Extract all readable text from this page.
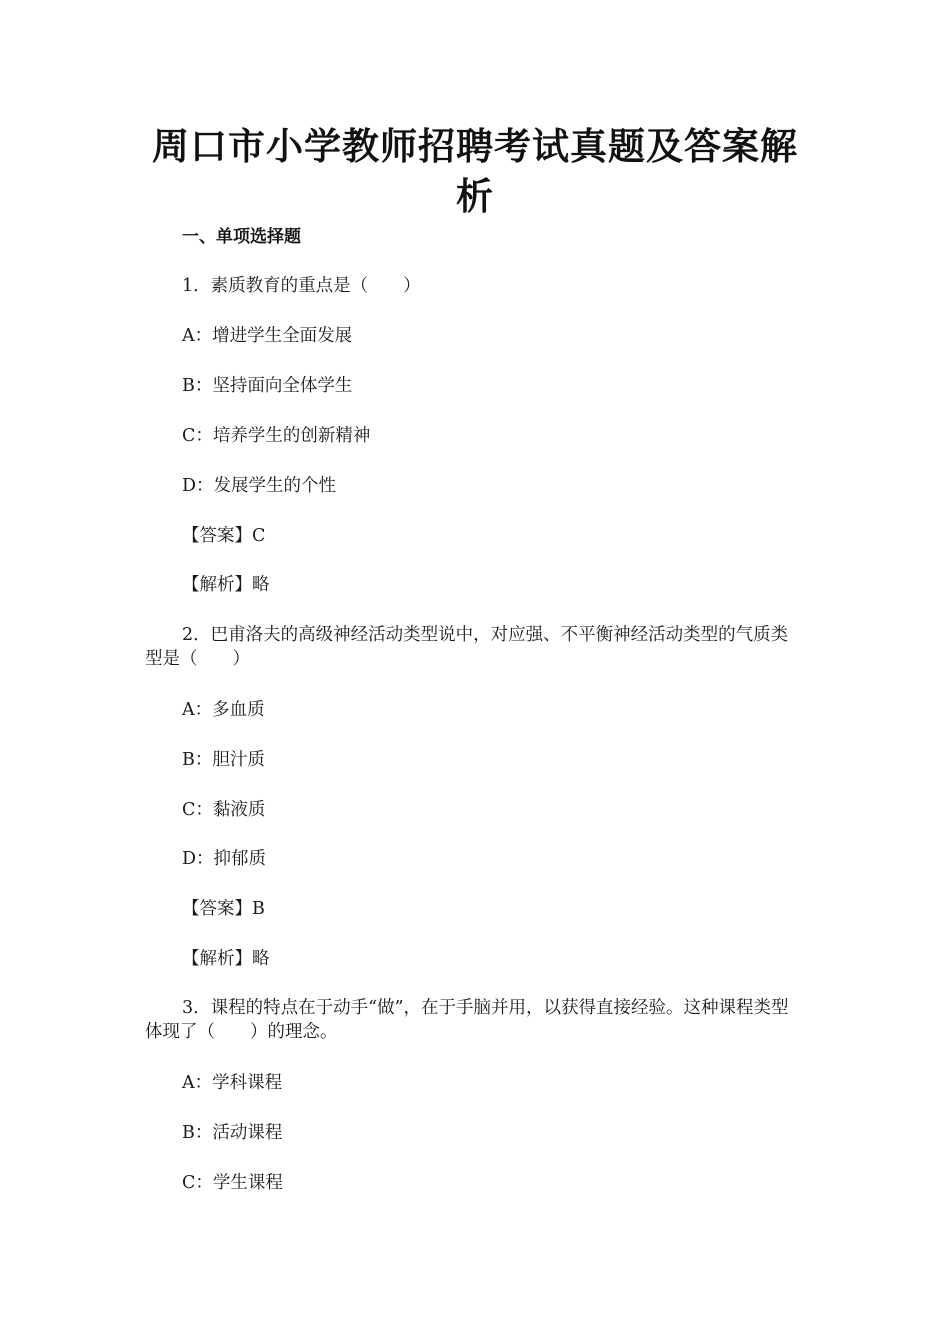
周口市小学教师招聘考试真题及答案解析
一、单项选择题

1．素质教育的重点是（　　）

A：增进学生全面发展

B：坚持面向全体学生

C：培养学生的创新精神

D：发展学生的个性

【答案】C

【解析】略

2．巴甫洛夫的高级神经活动类型说中，对应强、不平衡神经活动类型的气质类型是（　　）

A：多血质

B：胆汁质

C：黏液质

D：抑郁质

【答案】B

【解析】略

3．课程的特点在于动手“做”，在于手脑并用，以获得直接经验。这种课程类型体现了（　　）的理念。

A：学科课程

B：活动课程

C：学生课程
